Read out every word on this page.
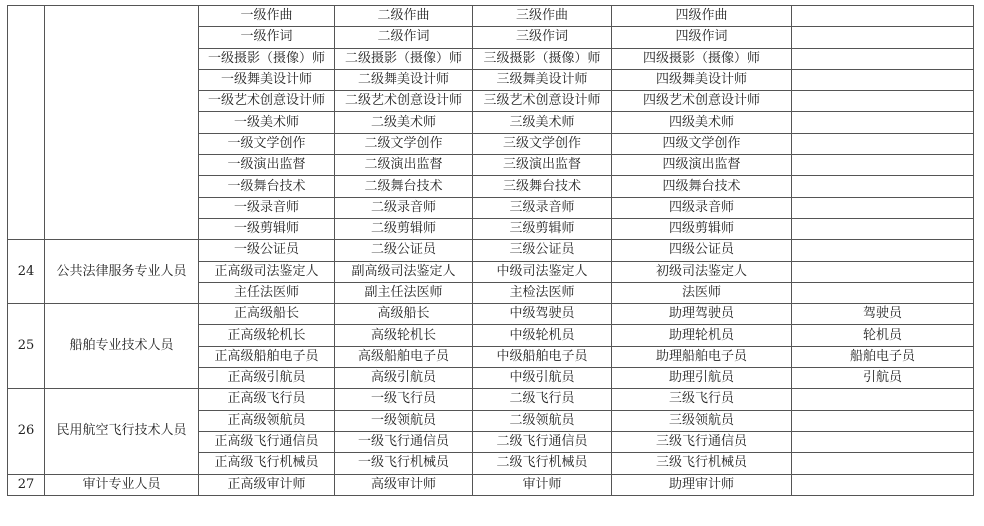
		一级作曲	二级作曲	三级作曲	四级作曲	
		一级作词	二级作词	三级作词	四级作词	
		一级摄影（摄像）师	二级摄影（摄像）师	三级摄影（摄像）师	四级摄影（摄像）师	
		一级舞美设计师	二级舞美设计师	三级舞美设计师	四级舞美设计师	
		一级艺术创意设计师	二级艺术创意设计师	三级艺术创意设计师	四级艺术创意设计师	
		一级美术师	二级美术师	三级美术师	四级美术师	
		一级文学创作	二级文学创作	三级文学创作	四级文学创作	
		一级演出监督	二级演出监督	三级演出监督	四级演出监督	
		一级舞台技术	二级舞台技术	三级舞台技术	四级舞台技术	
		一级录音师	二级录音师	三级录音师	四级录音师	
		一级剪辑师	二级剪辑师	三级剪辑师	四级剪辑师	
24	公共法律服务专业人员	一级公证员	二级公证员	三级公证员	四级公证员	
		正高级司法鉴定人	副高级司法鉴定人	中级司法鉴定人	初级司法鉴定人	
		主任法医师	副主任法医师	主检法医师	法医师	
25	船舶专业技术人员	正高级船长	高级船长	中级驾驶员	助理驾驶员	驾驶员
		正高级轮机长	高级轮机长	中级轮机员	助理轮机员	轮机员
		正高级船舶电子员	高级船舶电子员	中级船舶电子员	助理船舶电子员	船舶电子员
		正高级引航员	高级引航员	中级引航员	助理引航员	引航员
26	民用航空飞行技术人员	正高级飞行员	一级飞行员	二级飞行员	三级飞行员	
		正高级领航员	一级领航员	二级领航员	三级领航员	
		正高级飞行通信员	一级飞行通信员	二级飞行通信员	三级飞行通信员	
		正高级飞行机械员	一级飞行机械员	二级飞行机械员	三级飞行机械员	
27	审计专业人员	正高级审计师	高级审计师	审计师	助理审计师	
